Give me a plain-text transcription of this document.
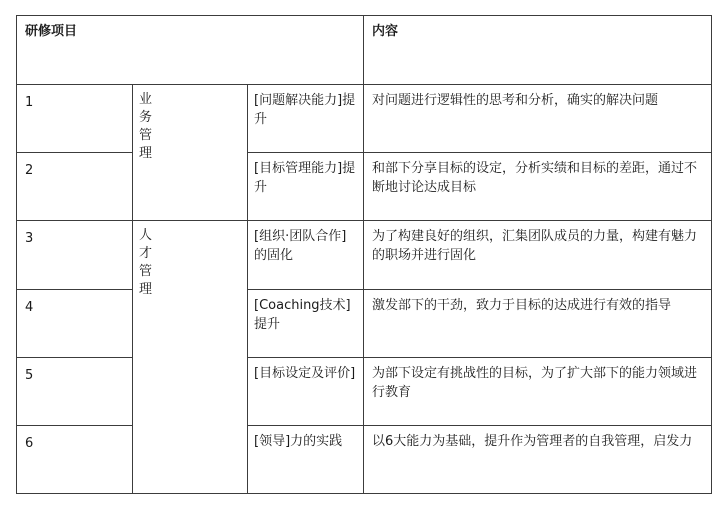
研修项目			内容

1	业务管理	[问题解决能力]提升	对问题进行逻辑性的思考和分析，确实的解决问题

2		[目标管理能力]提升	和部下分享目标的设定，分析实绩和目标的差距，通过不断地讨论达成目标

3	人才管理	[组织·团队合作]的固化	为了构建良好的组织，汇集团队成员的力量，构建有魅力的职场并进行固化

4		[Coaching技术]提升	激发部下的干劲，致力于目标的达成进行有效的指导

5		[目标设定及评价]	为部下设定有挑战性的目标，为了扩大部下的能力领域进行教育

6		[领导]力的实践	以6大能力为基础，提升作为管理者的自我管理，启发力
